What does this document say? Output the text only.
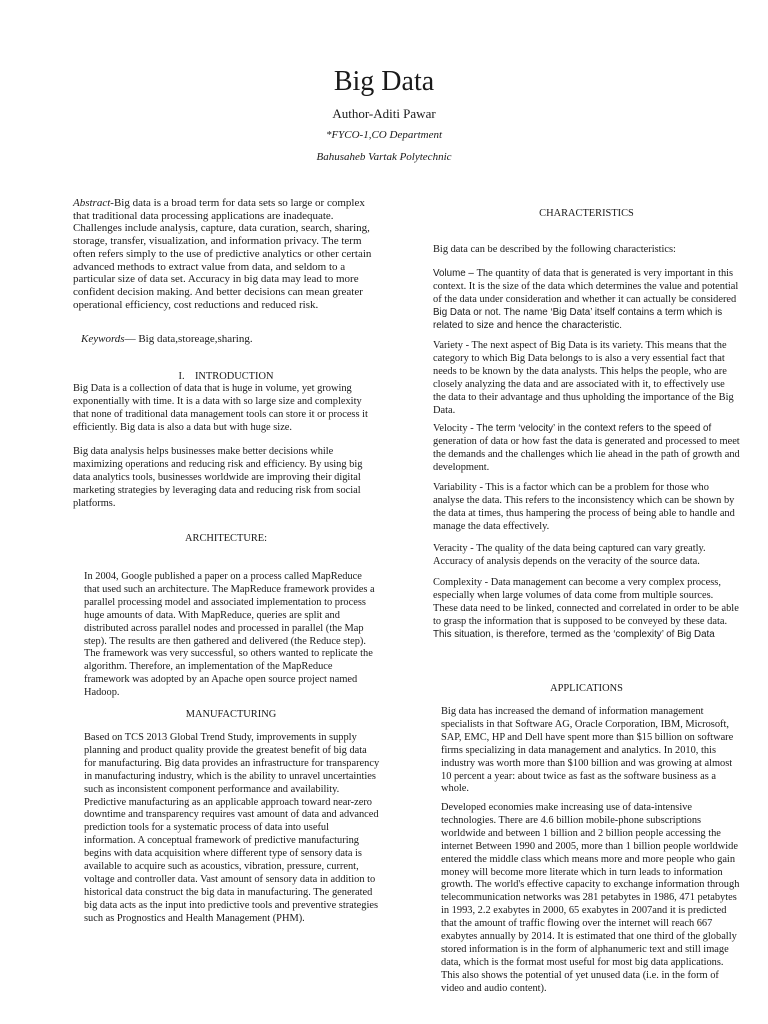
Big Data
Author-Aditi Pawar
*FYCO-1,CO Department
Bahusaheb Vartak Polytechnic
Abstract-Big data is a broad term for data sets so large or complex that traditional data processing applications are inadequate. Challenges include analysis, capture, data curation, search, sharing, storage, transfer, visualization, and information privacy. The term often refers simply to the use of predictive analytics or other certain advanced methods to extract value from data, and seldom to a particular size of data set. Accuracy in big data may lead to more confident decision making. And better decisions can mean greater operational efficiency, cost reductions and reduced risk.
Keywords— Big data,storeage,sharing.
I.    INTRODUCTION
Big Data is a collection of data that is huge in volume, yet growing exponentially with time. It is a data with so large size and complexity that none of traditional data management tools can store it or process it efficiently. Big data is also a data but with huge size.
Big data analysis helps businesses make better decisions while maximizing operations and reducing risk and efficiency. By using big data analytics tools, businesses worldwide are improving their digital marketing strategies by leveraging data and reducing risk from social platforms.
ARCHITECTURE:
In 2004, Google published a paper on a process called MapReduce that used such an architecture. The MapReduce framework provides a parallel processing model and associated implementation to process huge amounts of data. With MapReduce, queries are split and distributed across parallel nodes and processed in parallel (the Map step). The results are then gathered and delivered (the Reduce step). The framework was very successful, so others wanted to replicate the algorithm. Therefore, an implementation of the MapReduce framework was adopted by an Apache open source project named Hadoop.
MANUFACTURING
Based on TCS 2013 Global Trend Study, improvements in supply planning and product quality provide the greatest benefit of big data for manufacturing. Big data provides an infrastructure for transparency in manufacturing industry, which is the ability to unravel uncertainties such as inconsistent component performance and availability. Predictive manufacturing as an applicable approach toward near-zero downtime and transparency requires vast amount of data and advanced prediction tools for a systematic process of data into useful information. A conceptual framework of predictive manufacturing begins with data acquisition where different type of sensory data is available to acquire such as acoustics, vibration, pressure, current, voltage and controller data. Vast amount of sensory data in addition to historical data construct the big data in manufacturing. The generated big data acts as the input into predictive tools and preventive strategies such as Prognostics and Health Management (PHM).
CHARACTERISTICS
Big data can be described by the following characteristics:
Volume – The quantity of data that is generated is very important in this context. It is the size of the data which determines the value and potential of the data under consideration and whether it can actually be considered Big Data or not. The name ‘Big Data’ itself contains a term which is related to size and hence the characteristic.
Variety - The next aspect of Big Data is its variety. This means that the category to which Big Data belongs to is also a very essential fact that needs to be known by the data analysts. This helps the people, who are closely analyzing the data and are associated with it, to effectively use the data to their advantage and thus upholding the importance of the Big Data.
Velocity - The term ‘velocity’ in the context refers to the speed of generation of data or how fast the data is generated and processed to meet the demands and the challenges which lie ahead in the path of growth and development.
Variability - This is a factor which can be a problem for those who analyse the data. This refers to the inconsistency which can be shown by the data at times, thus hampering the process of being able to handle and manage the data effectively.
Veracity - The quality of the data being captured can vary greatly. Accuracy of analysis depends on the veracity of the source data.
Complexity - Data management can become a very complex process, especially when large volumes of data come from multiple sources. These data need to be linked, connected and correlated in order to be able to grasp the information that is supposed to be conveyed by these data. This situation, is therefore, termed as the ‘complexity’ of Big Data
APPLICATIONS
Big data has increased the demand of information management specialists in that Software AG, Oracle Corporation, IBM, Microsoft, SAP, EMC, HP and Dell have spent more than $15 billion on software firms specializing in data management and analytics. In 2010, this industry was worth more than $100 billion and was growing at almost 10 percent a year: about twice as fast as the software business as a whole.
Developed economies make increasing use of data-intensive technologies. There are 4.6 billion mobile-phone subscriptions worldwide and between 1 billion and 2 billion people accessing the internet Between 1990 and 2005, more than 1 billion people worldwide entered the middle class which means more and more people who gain money will become more literate which in turn leads to information growth. The world's effective capacity to exchange information through telecommunication networks was 281 petabytes in 1986, 471 petabytes in 1993, 2.2 exabytes in 2000, 65 exabytes in 2007and it is predicted that the amount of traffic flowing over the internet will reach 667 exabytes annually by 2014. It is estimated that one third of the globally stored information is in the form of alphanumeric text and still image data, which is the format most useful for most big data applications. This also shows the potential of yet unused data (i.e. in the form of video and audio content).
